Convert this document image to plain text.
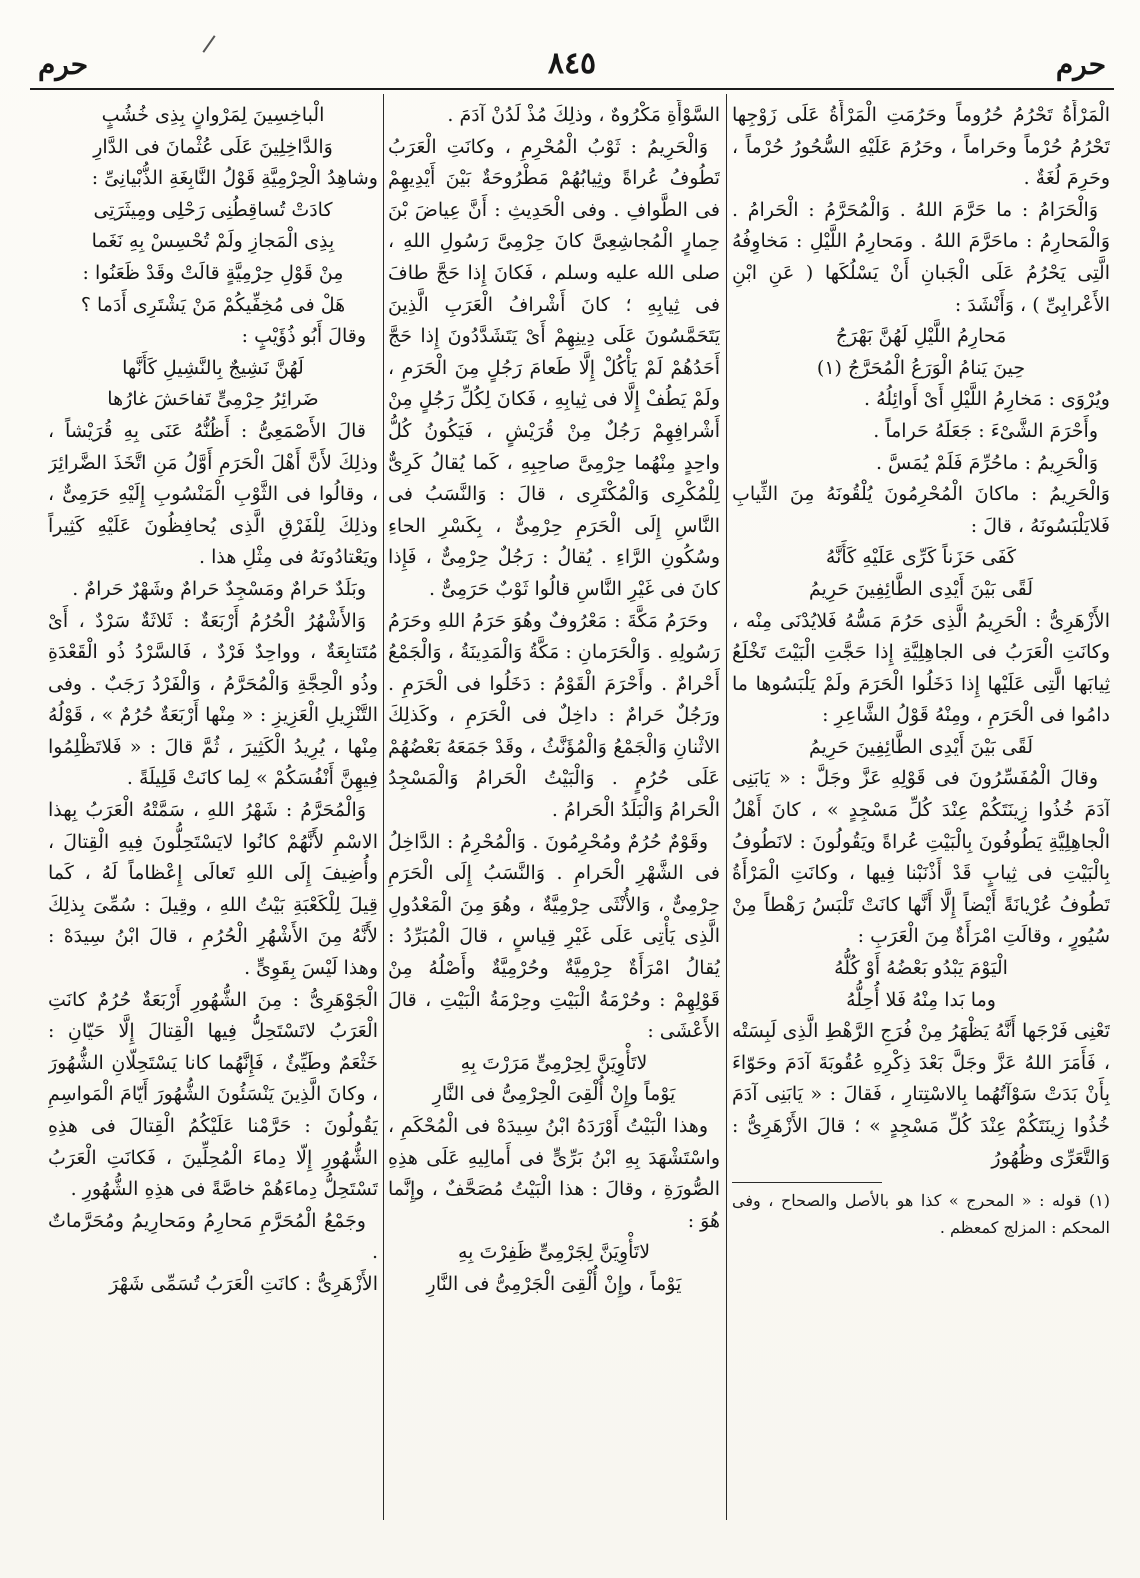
حرم
٨٤٥
حرم

الْمَرْأَةُ تَحْرُمُ حُرُوماً وحَرُمَتِ الْمَرْأَةُ عَلَى زَوْجِها تَحْرُمُ حُرْماً وحَراماً ، وحَرُمَ عَلَيْهِ السُّحُورُ حُرْماً ، وحَرِمَ لُغَةٌ .

وَالْحَرَامُ : ما حَرَّمَ اللهُ . وَالْمُحَرَّمُ : الْحَرامُ . وَالْمَحارِمُ : ماحَرَّمَ اللهُ . ومَحارِمُ اللَّيْلِ : مَخاوِفُهُ الَّتِى يَحْرُمُ عَلَى الْجَبانِ أَنْ يَسْلُكَها ( عَنِ ابْنِ الأَعْرابِىِّ ) ، وَأَنْشَدَ :

مَحارِمُ اللَّيْلِ لَهُنَّ بَهْرَجُ

حِينَ يَنامُ الْوَرَعُ الْمُحَرَّجُ (١)

ويُرْوَى : مَخارِمُ اللَّيْلِ أَىْ أَوائِلُهُ .

وأَحْرَمَ الشَّىْءَ : جَعَلَهُ حَراماً .

وَالْحَرِيمُ : ماحُرِّمَ فَلَمْ يُمَسَّ .

وَالْحَرِيمُ : ماكانَ الْمُحْرِمُونَ يُلْقُونَهُ مِنَ الثِّيابِ فَلايَلْبَسُونَهُ ، قالَ :

كَفَى حَزَناً كَرِّى عَلَيْهِ كَأَنَّهُ

لَقًى بَيْنَ أَيْدِى الطَّائِفِينَ حَرِيمُ

الأَزْهَرِىُّ : الْحَرِيمُ الَّذِى حَرُمَ مَسُّهُ فَلايُدْنَى مِنْه ، وكانَتِ الْعَرَبُ فى الجاهِلِيَّةِ إِذا حَجَّتِ الْبَيْتَ تَخْلَعُ ثِيابَها الَّتِى عَلَيْها إِذا دَخَلُوا الْحَرَمَ ولَمْ يَلْبَسُوها ما دامُوا فى الْحَرَمِ ، ومِنْهُ قَوْلُ الشَّاعِرِ :

لَقًى بَيْنَ أَيْدِى الطَّائِفِينَ حَرِيمُ

وقالَ الْمُفَسِّرُونَ فى قَوْلِهِ عَزَّ وجَلَّ : « يَابَنِى آدَمَ خُذُوا زِينَتَكُمْ عِنْدَ كُلِّ مَسْجِدٍ » ، كانَ أَهْلُ الْجاهِلِيَّةِ يَطُوفُونَ بِالْبَيْتِ عُراةً ويَقُولُونَ : لانَطُوفُ بِالْبَيْتِ فى ثِيابٍ قَدْ أَذْنَبْنا فِيها ، وكانَتِ الْمَرْأَةُ تَطُوفُ عُرْيانَةً أَيْضاً إِلَّا أَنَّها كانَتْ تَلْبَسُ رَهْطاً مِنْ سُيُورٍ ، وقالَتِ امْرَأَةٌ مِنَ الْعَرَبِ :

الْيَوْمَ يَبْدُو بَعْضُهُ أَوْ كُلُّهُ

وما بَدا مِنْهُ فَلا أُحِلُّهُ

تَعْنِى فَرْجَها أَنَّهُ يَظْهَرُ مِنْ فُرَجِ الرَّهْطِ الَّذِى لَبِسَتْه ، فَأَمَرَ اللهُ عَزَّ وجَلَّ بَعْدَ ذِكْرِهِ عُقُوبَةَ آدَمَ وحَوّاءَ بِأَنْ بَدَتْ سَوْآتُهُما بِالاسْتِتارِ ، فَقالَ : « يَابَنِى آدَمَ خُذُوا زِينَتَكُمْ عِنْدَ كُلِّ مَسْجِدٍ » ؛ قالَ الأَزْهَرِىُّ : وَالتَّعَرِّى وظُهُورُ

(١) قوله : « المحرج » كذا هو بالأصل والصحاح ، وفى المحكم : المزلج كمعظم .

السَّوْأَةِ مَكْرُوهٌ ، وذلِكَ مُذْ لَدُنْ آدَمَ .

وَالْحَرِيمُ : ثَوْبُ الْمُحْرِمِ ، وكانَتِ الْعَرَبُ تَطُوفُ عُراةً وثِيابُهُمْ مَطْرُوحَةٌ بَيْنَ أَيْدِيهِمْ فى الطَّوافِ . وفى الْحَدِيثِ : أَنَّ عِياضَ بْنَ حِمارٍ الْمُجاشِعِىَّ كانَ حِرْمِىَّ رَسُولِ اللهِ ، صلى الله عليه وسلم ، فَكانَ إِذا حَجَّ طافَ فى ثِيابِهِ ؛ كانَ أَشْرافُ الْعَرَبِ الَّذِينَ يَتَحَمَّسُونَ عَلَى دِينِهِمْ أَىْ يَتَشَدَّدُونَ إِذا حَجَّ أَحَدُهُمْ لَمْ يَأْكُلْ إِلَّا طَعامَ رَجُلٍ مِنَ الْحَرَمِ ، ولَمْ يَطُفْ إِلَّا فى ثِيابِهِ ، فَكانَ لِكُلِّ رَجُلٍ مِنْ أَشْرافِهِمْ رَجُلٌ مِنْ قُرَيْشٍ ، فَيَكُونُ كُلُّ واحِدٍ مِنْهُما حِرْمِىَّ صاحِبِهِ ، كَما يُقالُ كَرِىٌّ لِلْمُكْرِى وَالْمُكْتَرِى ، قالَ : وَالنَّسَبُ فى النَّاسِ إِلَى الْحَرَمِ حِرْمِىٌّ ، بِكَسْرِ الحاءِ وسُكُونِ الرَّاءِ . يُقالُ : رَجُلٌ حِرْمِىٌّ ، فَإِذا كانَ فى غَيْرِ النَّاسِ قالُوا ثَوْبٌ حَرَمِىٌّ .

وحَرَمُ مَكَّةَ : مَعْرُوفٌ وهُوَ حَرَمُ اللهِ وحَرَمُ رَسُولِهِ . وَالْحَرَمانِ : مَكَّةُ وَالْمَدِينَةُ ، وَالْجَمْعُ أَحْرامٌ . وأَحْرَمَ الْقَوْمُ : دَخَلُوا فى الْحَرَمِ . ورَجُلٌ حَرامٌ : داخِلٌ فى الْحَرَمِ ، وكَذلِكَ الاثْنانِ وَالْجَمْعُ وَالْمُؤَنَّثُ ، وقَدْ جَمَعَهُ بَعْضُهُمْ عَلَى حُرُمٍ . وَالْبَيْتُ الْحَرامُ وَالْمَسْجِدُ الْحَرامُ وَالْبَلَدُ الْحَرامُ .

وقَوْمٌ حُرُمٌ ومُحْرِمُونَ . وَالْمُحْرِمُ : الدَّاخِلُ فى الشَّهْرِ الْحَرامِ . وَالنَّسَبُ إِلَى الْحَرَمِ حِرْمِىٌّ ، وَالأُنْثَى حِرْمِيَّةٌ ، وهُوَ مِنَ الْمَعْدُولِ الَّذِى يَأْتِى عَلَى غَيْرِ قِياسٍ ، قالَ الْمُبَرِّدُ : يُقالُ امْرَأَةٌ حِرْمِيَّةٌ وحُرْمِيَّةٌ وأَصْلُهُ مِنْ قَوْلِهِمْ : وحُرْمَةُ الْبَيْتِ وحِرْمَةُ الْبَيْتِ ، قالَ الأَعْشَى :

لاتَأْوِيَنَّ لِحِرْمِىٍّ مَرَرْتَ بِهِ

يَوْماً وإِنْ أُلْقِىَ الْحِرْمِىُّ فى النَّارِ

وهذا الْبَيْتُ أَوْرَدَهُ ابْنُ سِيدَهْ فى الْمُحْكَمِ ، واسْتَشْهَدَ بِهِ ابْنُ بَرِّىٍّ فى أَمالِيهِ عَلَى هذِهِ الصُّورَةِ ، وقالَ : هذا الْبَيْتُ مُصَحَّفٌ ، وإِنَّما هُوَ :

لاتَأْوِيَنَّ لِجَرْمِىٍّ ظَفِرْتَ بِهِ

يَوْماً ، وإِنْ أُلْقِىَ الْجَرْمِىُّ فى النَّارِ

الْباخِسِينَ لِمَرْوانٍ بِذِى خُشُبٍ

وَالدَّاخِلِينَ عَلَى عُثْمانَ فى الدَّارِ

وشاهِدُ الْحِرْمِيَّةِ قَوْلُ النَّابِغَةِ الذُّبْيانِىِّ :

كادَتْ تُساقِطُنِى رَحْلِى ومِيثَرَتِى

بِذِى الْمَجازِ ولَمْ تُحْسِسْ بِهِ نَغَما

مِنْ قَوْلِ حِرْمِيَّةٍ قالَتْ وقَدْ ظَعَنُوا :

هَلْ فى مُخِفِّيكُمْ مَنْ يَشْتَرِى أَدَما ؟

وقالَ أَبُو ذُؤَيْبٍ :

لَهُنَّ نَشِيجٌ بِالنَّشِيلِ كَأَنَّها

ضَرائِرُ حِرْمِىٍّ تَفاحَشَ غارُها

قالَ الأَصْمَعِىُّ : أَظُنُّهُ عَنَى بِهِ قُرَيْشاً ، وذلِكَ لأَنَّ أَهْلَ الْحَرَمِ أَوَّلُ مَنِ اتَّخَذَ الضَّرائِرَ ، وقالُوا فى الثَّوْبِ الْمَنْسُوبِ إِلَيْهِ حَرَمِىٌّ ، وذلِكَ لِلْفَرْقِ الَّذِى يُحافِظُونَ عَلَيْهِ كَثِيراً ويَعْتادُونَهُ فى مِثْلِ هذا .

وبَلَدٌ حَرامٌ ومَسْجِدٌ حَرامٌ وشَهْرٌ حَرامٌ .

وَالأَشْهُرُ الْحُرُمُ أَرْبَعَةٌ : ثَلاثَةٌ سَرْدٌ ، أَىْ مُتَتابِعَةٌ ، وواحِدٌ فَرْدٌ ، فَالسَّرْدُ ذُو الْقَعْدَةِ وذُو الْحِجَّةِ وَالْمُحَرَّمُ ، وَالْفَرْدُ رَجَبٌ . وفى التَّنْزِيلِ الْعَزِيزِ : « مِنْها أَرْبَعَةٌ حُرُمٌ » ، قَوْلُهُ مِنْها ، يُرِيدُ الْكَثِيرَ ، ثُمَّ قالَ : « فَلاتَظْلِمُوا فِيهِنَّ أَنْفُسَكُمْ » لِما كانَتْ قَلِيلَةً .

وَالْمُحَرَّمُ : شَهْرُ اللهِ ، سَمَّتْهُ الْعَرَبُ بِهذا الاسْمِ لأَنَّهُمْ كانُوا لايَسْتَحِلُّونَ فِيهِ الْقِتالَ ، وأُضِيفَ إِلَى اللهِ تَعالَى إِعْظاماً لَهُ ، كَما قِيلَ لِلْكَعْبَةِ بَيْتُ اللهِ ، وقِيلَ : سُمِّىَ بِذلِكَ لأَنَّهُ مِنَ الأَشْهُرِ الْحُرُمِ ، قالَ ابْنُ سِيدَهْ : وهذا لَيْسَ بِقَوِىٍّ .

الْجَوْهَرِىُّ : مِنَ الشُّهُورِ أَرْبَعَةٌ حُرُمٌ كانَتِ الْعَرَبُ لاتَسْتَحِلُّ فِيها الْقِتالَ إِلَّا حَيّانِ : خَثْعَمٌ وطَيِّئٌ ، فَإِنَّهُما كانا يَسْتَحِلّانِ الشُّهُورَ ، وكانَ الَّذِينَ يَنْسَئُونَ الشُّهُورَ أَيّامَ الْمَواسِمِ يَقُولُونَ : حَرَّمْنا عَلَيْكُمُ الْقِتالَ فى هذِهِ الشُّهُورِ إِلّا دِماءَ الْمُحِلِّينَ ، فَكانَتِ الْعَرَبُ تَسْتَحِلُّ دِماءَهُمْ خاصَّةً فى هذِهِ الشُّهُورِ .

وجَمْعُ الْمُحَرَّمِ مَحارِمُ ومَحارِيمُ ومُحَرَّماتٌ .

الأَزْهَرِىُّ : كانَتِ الْعَرَبُ تُسَمِّى شَهْرَ
